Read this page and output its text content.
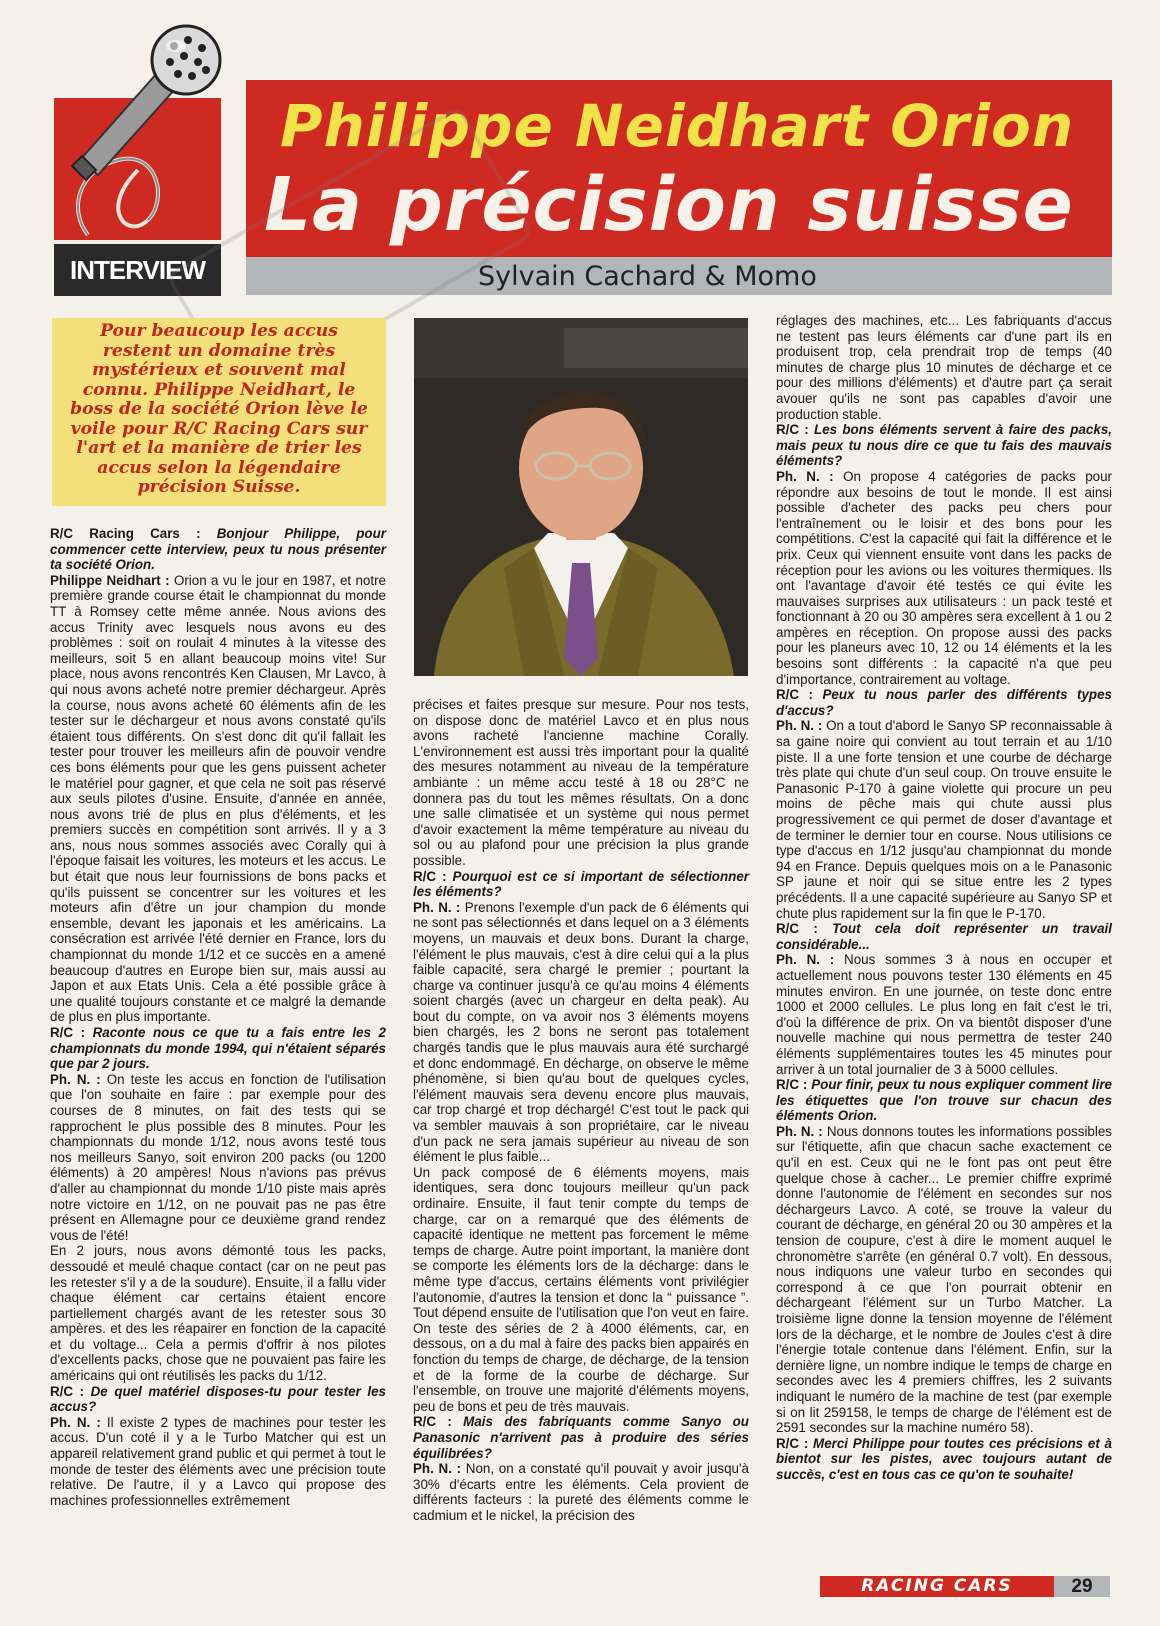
Philippe Neidhart Orion
La précision suisse
Sylvain Cachard & Momo
INTERVIEW
Pour beaucoup les accus restent un domaine très mystérieux et souvent mal connu. Philippe Neidhart, le boss de la société Orion lève le voile pour R/C Racing Cars sur l'art et la manière de trier les accus selon la légendaire précision Suisse.

R/C Racing Cars : Bonjour Philippe, pour commencer cette interview, peux tu nous présenter ta société Orion.

Philippe Neidhart : Orion a vu le jour en 1987, et notre première grande course était le championnat du monde TT à Romsey cette même année. Nous avions des accus Trinity avec lesquels nous avons eu des problèmes : soit on roulait 4 minutes à la vitesse des meilleurs, soit 5 en allant beaucoup moins vite! Sur place, nous avons rencontrés Ken Clausen, Mr Lavco, à qui nous avons acheté notre premier déchargeur. Après la course, nous avons acheté 60 éléments afin de les tester sur le déchargeur et nous avons constaté qu'ils étaient tous différents. On s'est donc dit qu'il fallait les tester pour trouver les meilleurs afin de pouvoir vendre ces bons éléments pour que les gens puissent acheter le matériel pour gagner, et que cela ne soit pas réservé aux seuls pilotes d'usine. Ensuite, d'année en année, nous avons trié de plus en plus d'éléments, et les premiers succès en compétition sont arrivés. Il y a 3 ans, nous nous sommes associés avec Corally qui à l'époque faisait les voitures, les moteurs et les accus. Le but était que nous leur fournissions de bons packs et qu'ils puissent se concentrer sur les voitures et les moteurs afin d'être un jour champion du monde ensemble, devant les japonais et les américains. La consécration est arrivée l'été dernier en France, lors du championnat du monde 1/12 et ce succès en a amené beaucoup d'autres en Europe bien sur, mais aussi au Japon et aux Etats Unis. Cela a été possible grâce à une qualité toujours constante et ce malgré la demande de plus en plus importante.

R/C : Raconte nous ce que tu a fais entre les 2 championnats du monde 1994, qui n'étaient séparés que par 2 jours.

Ph. N. : On teste les accus en fonction de l'utilisation que l'on souhaite en faire : par exemple pour des courses de 8 minutes, on fait des tests qui se rapprochent le plus possible des 8 minutes. Pour les championnats du monde 1/12, nous avons testé tous nos meilleurs Sanyo, soit environ 200 packs (ou 1200 éléments) à 20 ampères! Nous n'avions pas prévus d'aller au championnat du monde 1/10 piste mais après notre victoire en 1/12, on ne pouvait pas ne pas être présent en Allemagne pour ce deuxième grand rendez vous de l'été!

En 2 jours, nous avons démonté tous les packs, dessoudé et meulé chaque contact (car on ne peut pas les retester s'il y a de la soudure). Ensuite, il a fallu vider chaque élément car certains étaient encore partiellement chargés avant de les retester sous 30 ampères. et des les réapairer en fonction de la capacité et du voltage... Cela a permis d'offrir à nos pilotes d'excellents packs, chose que ne pouvaient pas faire les américains qui ont réutilisés les packs du 1/12.

R/C : De quel matériel disposes-tu pour tester les accus?

Ph. N. : Il existe 2 types de machines pour tester les accus. D'un coté il y a le Turbo Matcher qui est un appareil relativement grand public et qui permet à tout le monde de tester des éléments avec une précision toute relative. De l'autre, il y a Lavco qui propose des machines professionnelles extrêmement

précises et faites presque sur mesure. Pour nos tests, on dispose donc de matériel Lavco et en plus nous avons racheté l'ancienne machine Corally. L'environnement est aussi très important pour la qualité des mesures notamment au niveau de la température ambiante : un même accu testé à 18 ou 28°C ne donnera pas du tout les mêmes résultats. On a donc une salle climatisée et un système qui nous permet d'avoir exactement la même température au niveau du sol ou au plafond pour une précision la plus grande possible.

R/C : Pourquoi est ce si important de sélectionner les éléments?

Ph. N. : Prenons l'exemple d'un pack de 6 éléments qui ne sont pas sélectionnés et dans lequel on a 3 éléments moyens, un mauvais et deux bons. Durant la charge, l'élément le plus mauvais, c'est à dire celui qui a la plus faible capacité, sera chargé le premier ; pourtant la charge va continuer jusqu'à ce qu'au moins 4 éléments soient chargés (avec un chargeur en delta peak). Au bout du compte, on va avoir nos 3 éléments moyens bien chargés, les 2 bons ne seront pas totalement chargés tandis que le plus mauvais aura été surchargé et donc endommagé. En décharge, on observe le même phénomène, si bien qu'au bout de quelques cycles, l'élément mauvais sera devenu encore plus mauvais, car trop chargé et trop déchargé! C'est tout le pack qui va sembler mauvais à son propriétaire, car le niveau d'un pack ne sera jamais supérieur au niveau de son élément le plus faible...

Un pack composé de 6 éléments moyens, mais identiques, sera donc toujours meilleur qu'un pack ordinaire. Ensuite, il faut tenir compte du temps de charge, car on a remarqué que des éléments de capacité identique ne mettent pas forcement le même temps de charge. Autre point important, la manière dont se comporte les éléments lors de la décharge: dans le même type d'accus, certains éléments vont privilégier l'autonomie, d'autres la tension et donc la “ puissance ”. Tout dépend ensuite de l'utilisation que l'on veut en faire. On teste des séries de 2 à 4000 éléments, car, en dessous, on a du mal à faire des packs bien appairés en fonction du temps de charge, de décharge, de la tension et de la forme de la courbe de décharge. Sur l'ensemble, on trouve une majorité d'éléments moyens, peu de bons et peu de très mauvais.

R/C : Mais des fabriquants comme Sanyo ou Panasonic n'arrivent pas à produire des séries équilibrées?

Ph. N. : Non, on a constaté qu'il pouvait y avoir jusqu'à 30% d'écarts entre les éléments. Cela provient de différents facteurs : la pureté des éléments comme le cadmium et le nickel, la précision des

réglages des machines, etc... Les fabriquants d'accus ne testent pas leurs éléments car d'une part ils en produisent trop, cela prendrait trop de temps (40 minutes de charge plus 10 minutes de décharge et ce pour des millions d'éléments) et d'autre part ça serait avouer qu'ils ne sont pas capables d'avoir une production stable.

R/C : Les bons éléments servent à faire des packs, mais peux tu nous dire ce que tu fais des mauvais éléments?

Ph. N. : On propose 4 catégories de packs pour répondre aux besoins de tout le monde. Il est ainsi possible d'acheter des packs peu chers pour l'entraînement ou le loisir et des bons pour les compétitions. C'est la capacité qui fait la différence et le prix. Ceux qui viennent ensuite vont dans les packs de réception pour les avions ou les voitures thermiques. Ils ont l'avantage d'avoir été testés ce qui évite les mauvaises surprises aux utilisateurs : un pack testé et fonctionnant à 20 ou 30 ampères sera excellent à 1 ou 2 ampères en réception. On propose aussi des packs pour les planeurs avec 10, 12 ou 14 éléments et la les besoins sont différents : la capacité n'a que peu d'importance, contrairement au voltage.

R/C : Peux tu nous parler des différents types d'accus?

Ph. N. : On a tout d'abord le Sanyo SP reconnaissable à sa gaine noire qui convient au tout terrain et au 1/10 piste. Il a une forte tension et une courbe de décharge très plate qui chute d'un seul coup. On trouve ensuite le Panasonic P-170 à gaine violette qui procure un peu moins de pêche mais qui chute aussi plus progressivement ce qui permet de doser d'avantage et de terminer le dernier tour en course. Nous utilisions ce type d'accus en 1/12 jusqu'au championnat du monde 94 en France. Depuis quelques mois on a le Panasonic SP jaune et noir qui se situe entre les 2 types précédents. Il a une capacité supérieure au Sanyo SP et chute plus rapidement sur la fin que le P-170.

R/C : Tout cela doit représenter un travail considérable...

Ph. N. : Nous sommes 3 à nous en occuper et actuellement nous pouvons tester 130 éléments en 45 minutes environ. En une journée, on teste donc entre 1000 et 2000 cellules. Le plus long en fait c'est le tri, d'où la différence de prix. On va bientôt disposer d'une nouvelle machine qui nous permettra de tester 240 éléments supplémentaires toutes les 45 minutes pour arriver à un total journalier de 3 à 5000 cellules.

R/C : Pour finir, peux tu nous expliquer comment lire les étiquettes que l'on trouve sur chacun des éléments Orion.

Ph. N. : Nous donnons toutes les informations possibles sur l'étiquette, afin que chacun sache exactement ce qu'il en est. Ceux qui ne le font pas ont peut être quelque chose à cacher... Le premier chiffre exprimé donne l'autonomie de l'élément en secondes sur nos déchargeurs Lavco. A coté, se trouve la valeur du courant de décharge, en général 20 ou 30 ampères et la tension de coupure, c'est à dire le moment auquel le chronomètre s'arrête (en général 0.7 volt). En dessous, nous indiquons une valeur turbo en secondes qui correspond à ce que l'on pourrait obtenir en déchargeant l'élément sur un Turbo Matcher. La troisième ligne donne la tension moyenne de l'élément lors de la décharge, et le nombre de Joules c'est à dire l'énergie totale contenue dans l'élément. Enfin, sur la dernière ligne, un nombre indique le temps de charge en secondes avec les 4 premiers chiffres, les 2 suivants indiquant le numéro de la machine de test (par exemple si on lit 259158, le temps de charge de l'élément est de 2591 secondes sur la machine numéro 58).

R/C : Merci Philippe pour toutes ces précisions et à bientot sur les pistes, avec toujours autant de succès, c'est en tous cas ce qu'on te souhaite!

RACING CARS	29
